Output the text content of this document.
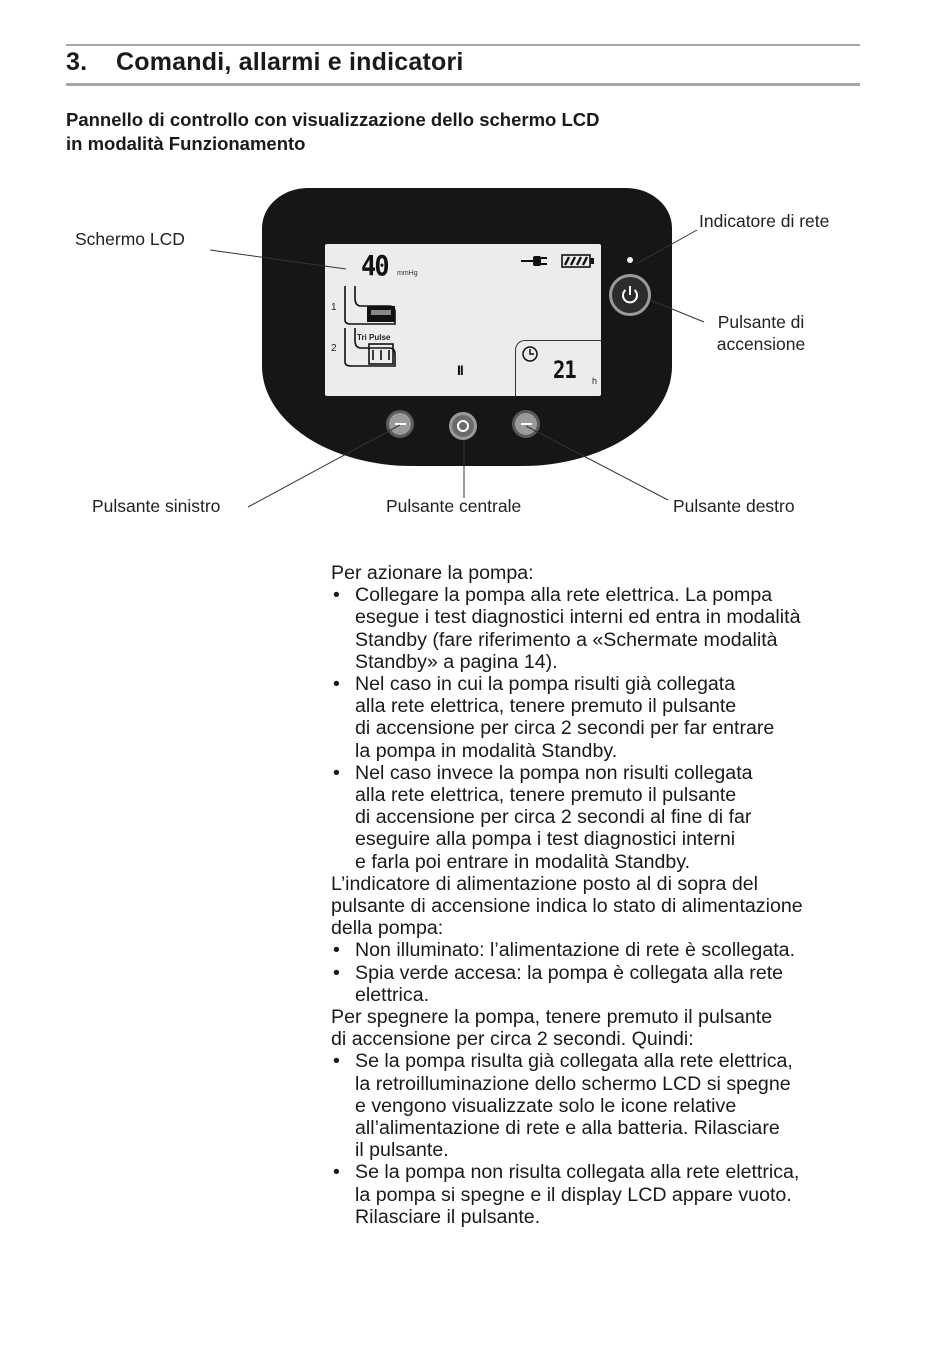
3. Comandi, allarmi e indicatori
Pannello di controllo con visualizzazione dello schermo LCD
in modalità Funzionamento
40 mmHg
1
2
Tri Pulse
II	21 h
Schermo LCD
Indicatore di rete
Pulsante di
accensione
Pulsante sinistro	Pulsante centrale	Pulsante destro

Per azionare la pompa:

• Collegare la pompa alla rete elettrica. La pompa
esegue i test diagnostici interni ed entra in modalità
Standby (fare riferimento a «Schermate modalità
Standby» a pagina 14).
• Nel caso in cui la pompa risulti già collegata
alla rete elettrica, tenere premuto il pulsante
di accensione per circa 2 secondi per far entrare
la pompa in modalità Standby.
• Nel caso invece la pompa non risulti collegata
alla rete elettrica, tenere premuto il pulsante
di accensione per circa 2 secondi al fine di far
eseguire alla pompa i test diagnostici interni
e farla poi entrare in modalità Standby.

L’indicatore di alimentazione posto al di sopra del

pulsante di accensione indica lo stato di alimentazione

della pompa:

• Non illuminato: l’alimentazione di rete è scollegata.
• Spia verde accesa: la pompa è collegata alla rete
elettrica.

Per spegnere la pompa, tenere premuto il pulsante

di accensione per circa 2 secondi. Quindi:

• Se la pompa risulta già collegata alla rete elettrica,
la retroilluminazione dello schermo LCD si spegne
e vengono visualizzate solo le icone relative
all’alimentazione di rete e alla batteria. Rilasciare
il pulsante.
• Se la pompa non risulta collegata alla rete elettrica,
la pompa si spegne e il display LCD appare vuoto.
Rilasciare il pulsante.
